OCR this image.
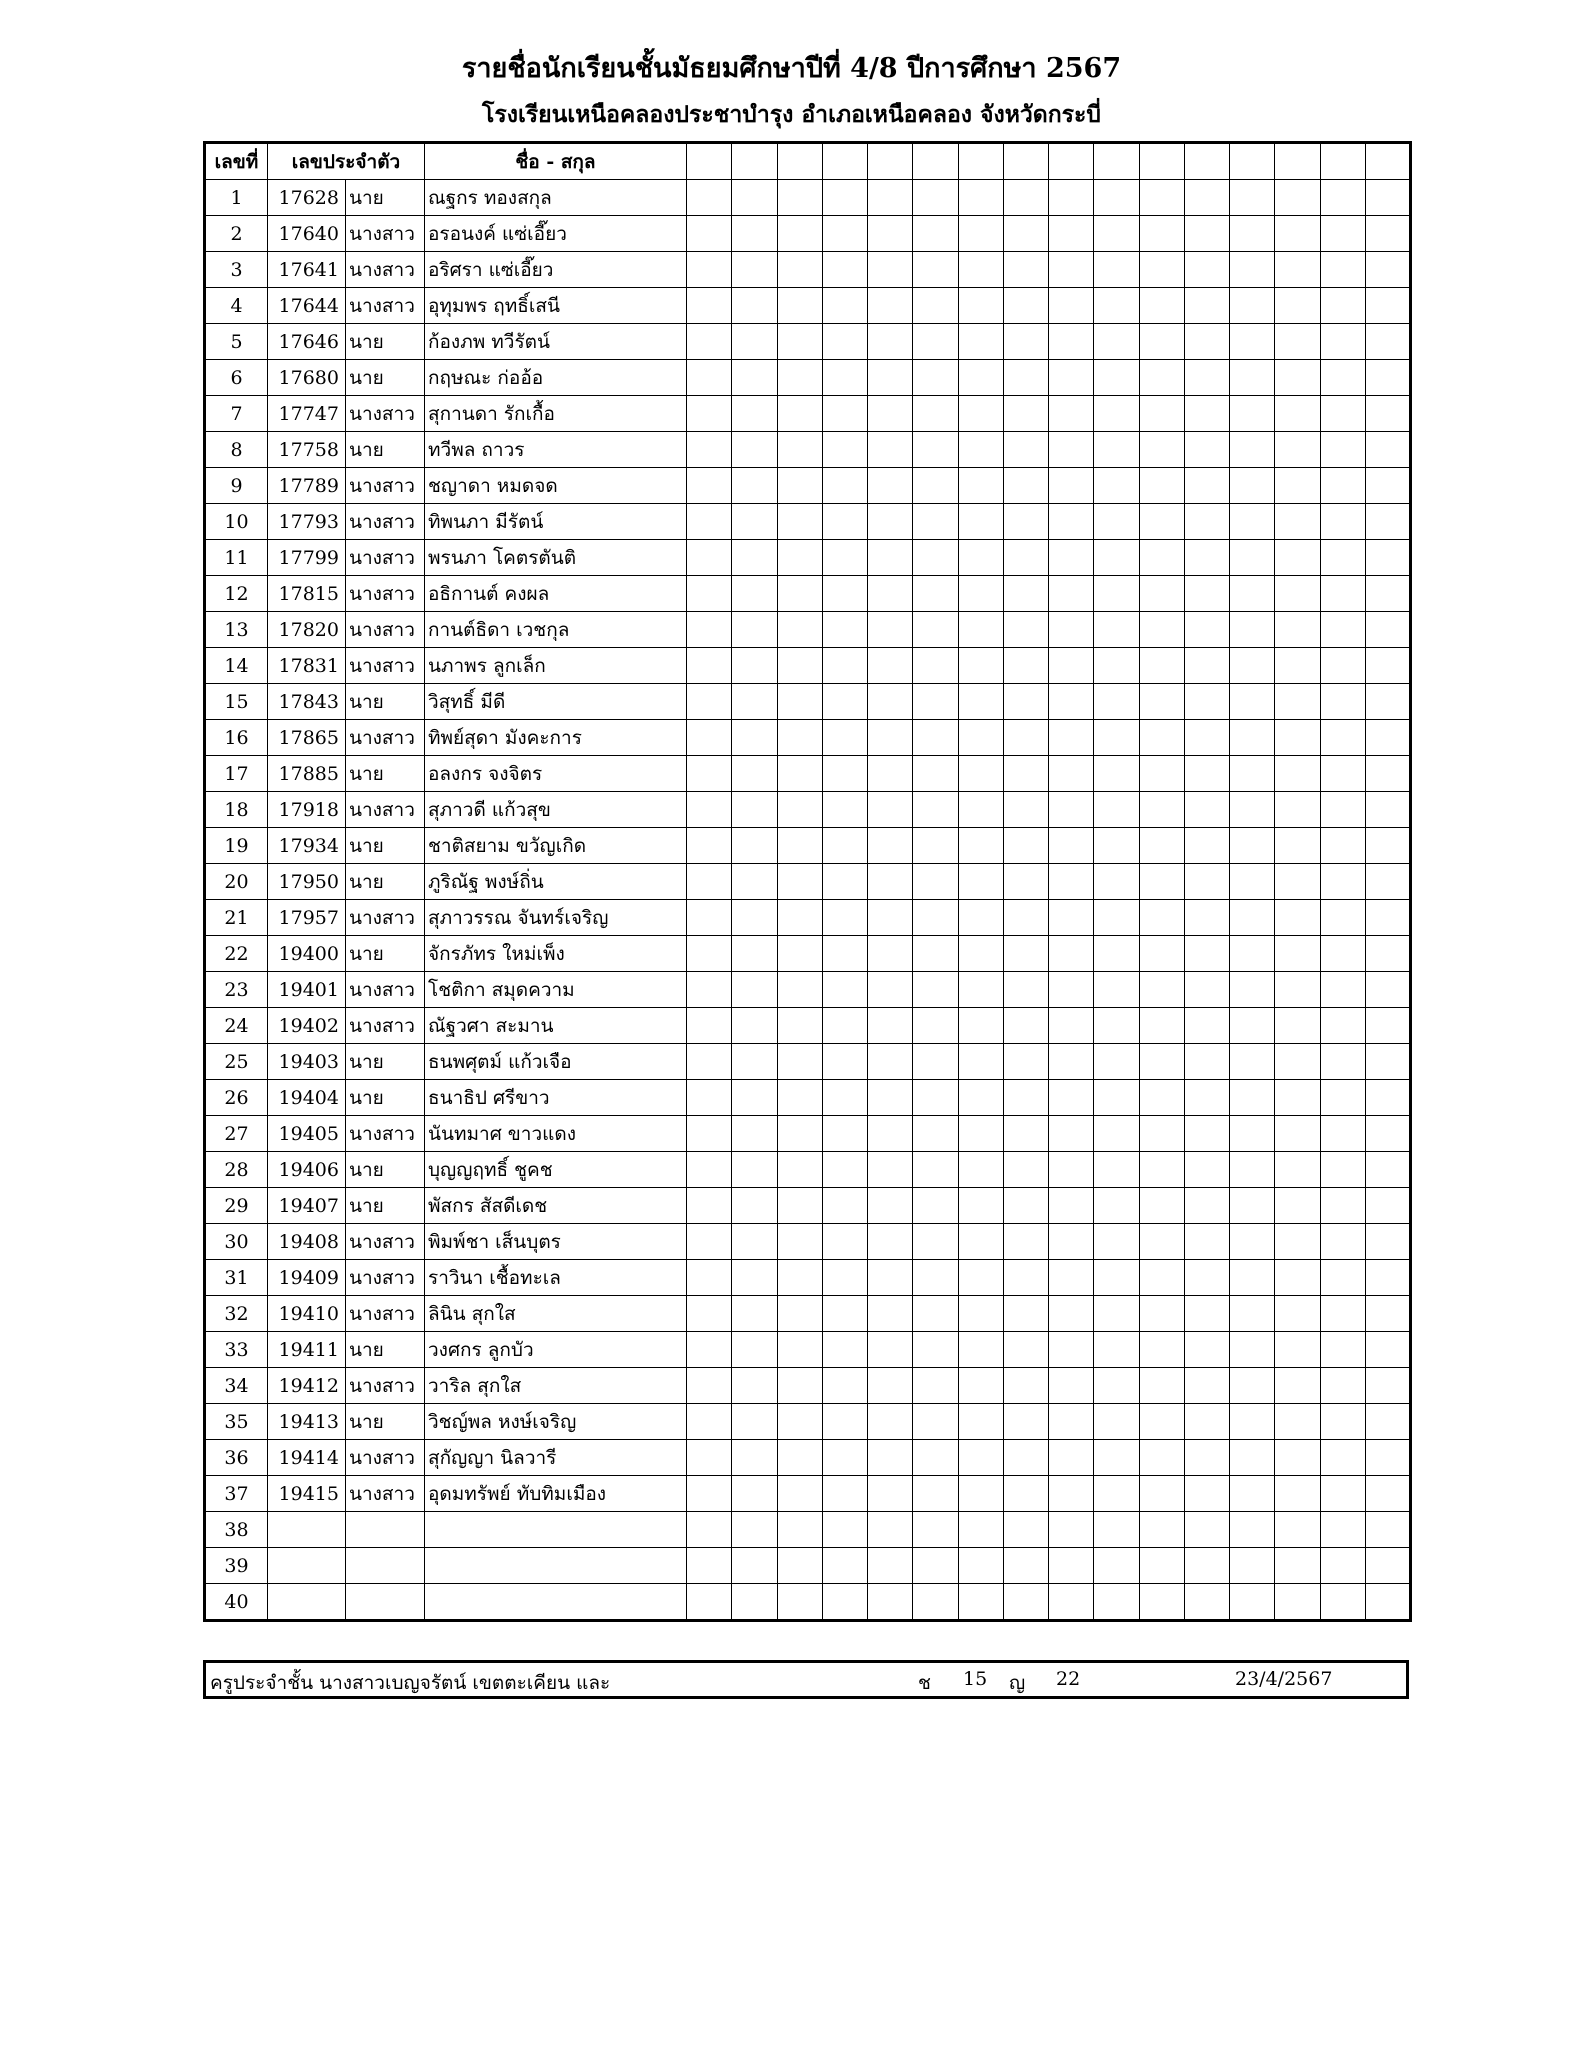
รายชื่อนักเรียนชั้นมัธยมศึกษาปีที่ 4/8 ปีการศึกษา 2567
โรงเรียนเหนือคลองประชาบำรุง อำเภอเหนือคลอง จังหวัดกระบี่
เลขที่	เลขประจำตัว		ชื่อ - สกุล																
1	17628	นาย	ณฐกร ทองสกุล																
2	17640	นางสาว	อรอนงค์ แซ่เอี๊ยว																
3	17641	นางสาว	อริศรา แซ่เอี๊ยว																
4	17644	นางสาว	อุทุมพร ฤทธิ์เสนี																
5	17646	นาย	ก้องภพ ทวีรัตน์																
6	17680	นาย	กฤษณะ ก่ออ้อ																
7	17747	นางสาว	สุกานดา รักเกื้อ																
8	17758	นาย	ทวีพล ถาวร																
9	17789	นางสาว	ชญาดา หมดจด																
10	17793	นางสาว	ทิพนภา มีรัตน์																
11	17799	นางสาว	พรนภา โคตรตันติ																
12	17815	นางสาว	อธิกานต์ คงผล																
13	17820	นางสาว	กานต์ธิดา เวชกุล																
14	17831	นางสาว	นภาพร ลูกเล็ก																
15	17843	นาย	วิสุทธิ์ มีดี																
16	17865	นางสาว	ทิพย์สุดา มังคะการ																
17	17885	นาย	อลงกร จงจิตร																
18	17918	นางสาว	สุภาวดี แก้วสุข																
19	17934	นาย	ชาติสยาม ขวัญเกิด																
20	17950	นาย	ภูริณัฐ พงษ์ถิ่น																
21	17957	นางสาว	สุภาวรรณ จันทร์เจริญ																
22	19400	นาย	จักรภัทร ใหม่เพ็ง																
23	19401	นางสาว	โชติกา สมุดความ																
24	19402	นางสาว	ณัฐวศา สะมาน																
25	19403	นาย	ธนพศุตม์ แก้วเจือ																
26	19404	นาย	ธนาธิป ศรีขาว																
27	19405	นางสาว	นันทมาศ ขาวแดง																
28	19406	นาย	บุญญฤทธิ์ ชูคช																
29	19407	นาย	พัสกร สัสดีเดช																
30	19408	นางสาว	พิมพ์ชา เส็นบุตร																
31	19409	นางสาว	ราวินา เชื้อทะเล																
32	19410	นางสาว	ลินิน สุกใส																
33	19411	นาย	วงศกร ลูกบัว																
34	19412	นางสาว	วาริล สุกใส																
35	19413	นาย	วิชญ์พล หงษ์เจริญ																
36	19414	นางสาว	สุกัญญา นิลวารี																
37	19415	นางสาว	อุดมทรัพย์ ทับทิมเมือง																
38																			
39																			
40																			
ครูประจำชั้น นางสาวเบญจรัตน์ เขตตะเคียน และ	ช 15 ญ 22	23/4/2567
